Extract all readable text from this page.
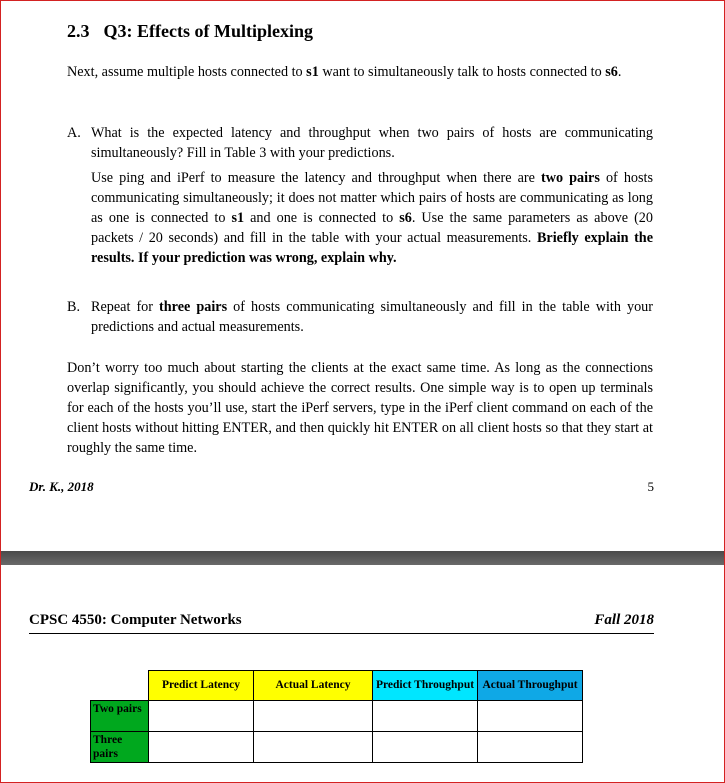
2.3 Q3: Effects of Multiplexing

Next, assume multiple hosts connected to s1 want to simultaneously talk to hosts connected to s6.

A. What is the expected latency and throughput when two pairs of hosts are communicating simultaneously? Fill in Table 3 with your predictions.

Use ping and iPerf to measure the latency and throughput when there are two pairs of hosts communicating simultaneously; it does not matter which pairs of hosts are communicating as long as one is connected to s1 and one is connected to s6. Use the same parameters as above (20 packets / 20 seconds) and fill in the table with your actual measurements. Briefly explain the results. If your prediction was wrong, explain why.

B. Repeat for three pairs of hosts communicating simultaneously and fill in the table with your predictions and actual measurements.

Don’t worry too much about starting the clients at the exact same time. As long as the connections overlap significantly, you should achieve the correct results. One simple way is to open up terminals for each of the hosts you’ll use, start the iPerf servers, type in the iPerf client command on each of the client hosts without hitting ENTER, and then quickly hit ENTER on all client hosts so that they start at roughly the same time.

Dr. K., 2018	5
CPSC 4550: Computer Networks	Fall 2018
	Predict Latency	Actual Latency	Predict Throughput	Actual Throughput
Two pairs				
Three pairs				
